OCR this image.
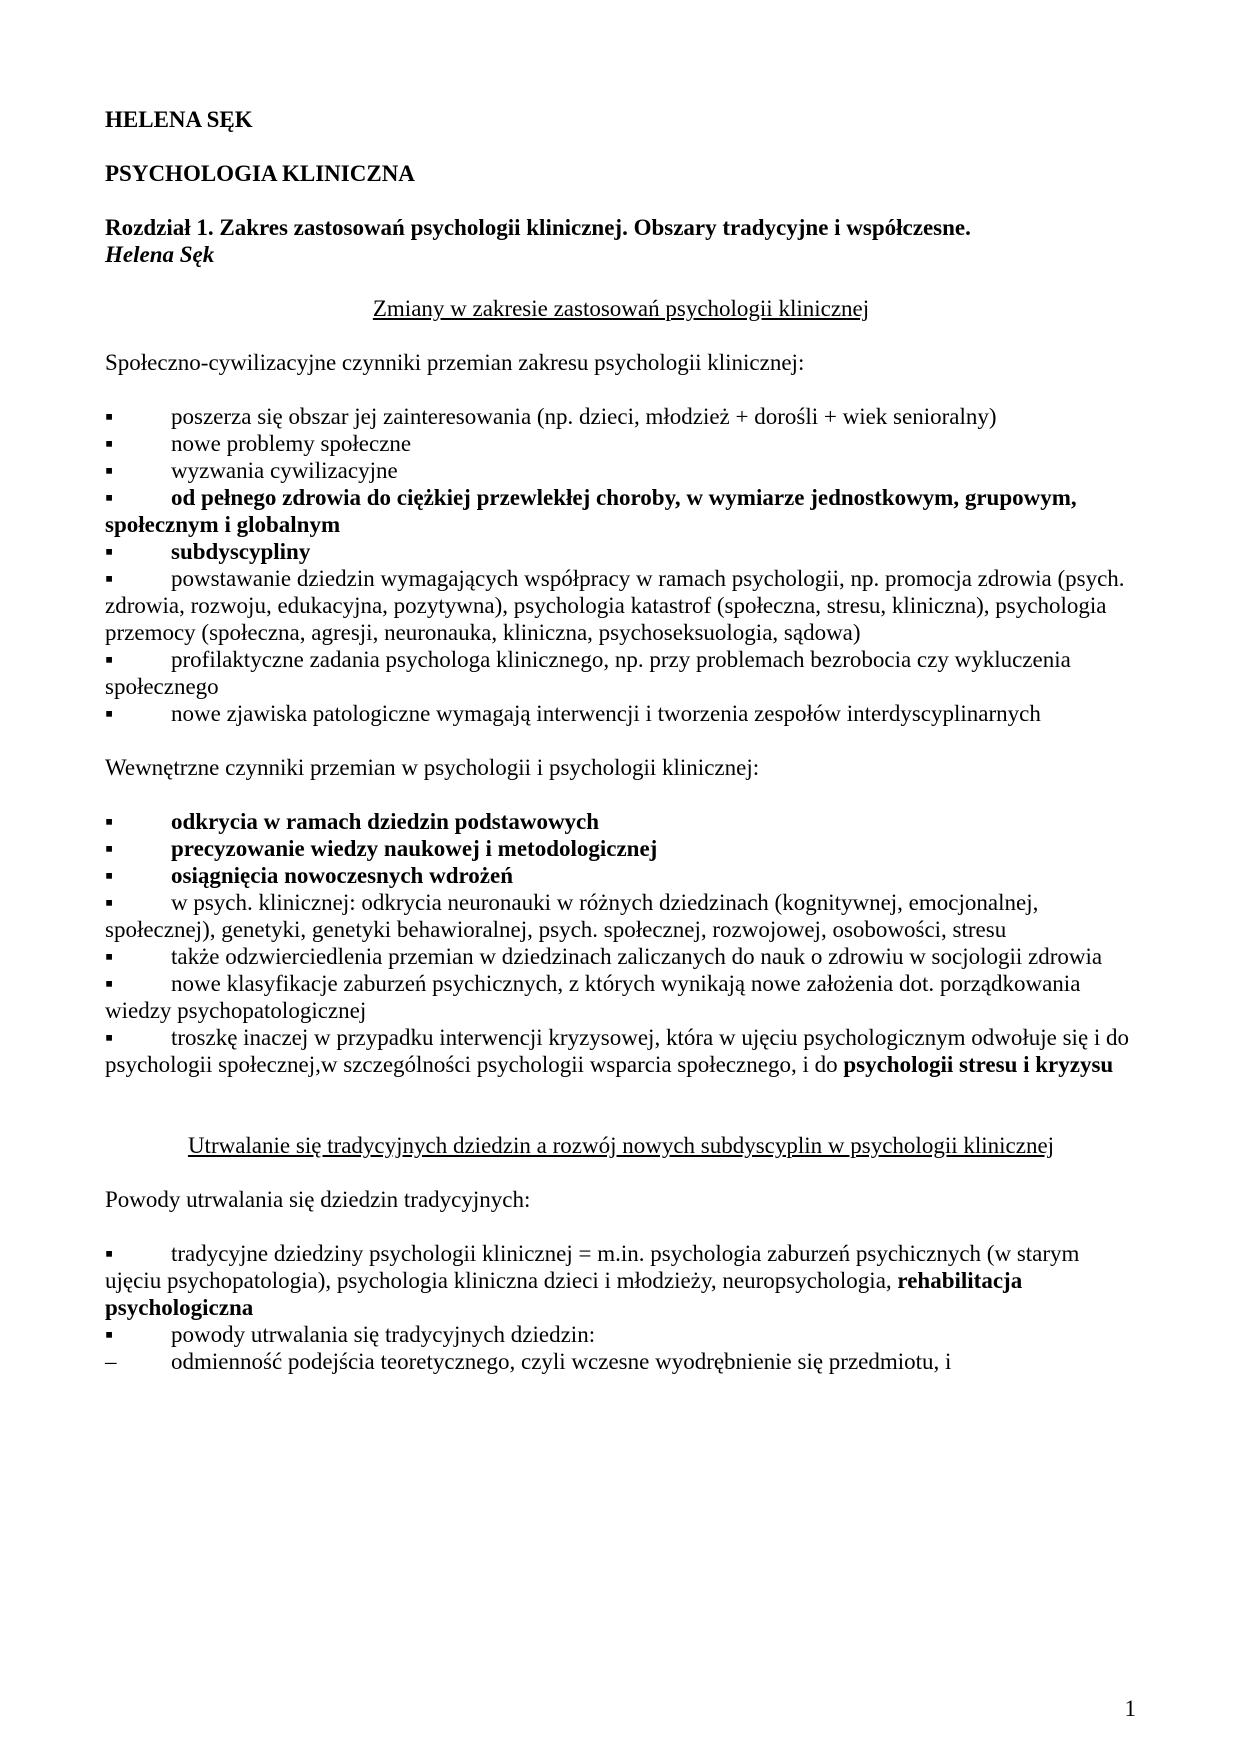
HELENA SĘK

PSYCHOLOGIA KLINICZNA

Rozdział 1. Zakres zastosowań psychologii klinicznej. Obszary tradycyjne i współczesne.

Helena Sęk

Zmiany w zakresie zastosowań psychologii klinicznej

Społeczno-cywilizacyjne czynniki przemian zakresu psychologii klinicznej:

▪	poszerza się obszar jej zainteresowania (np. dzieci, młodzież + dorośli + wiek senioralny)
▪	nowe problemy społeczne
▪	wyzwania cywilizacyjne
▪	od pełnego zdrowia do ciężkiej przewlekłej choroby, w wymiarze jednostkowym, grupowym, społecznym i globalnym
▪	subdyscypliny
▪	powstawanie dziedzin wymagających współpracy w ramach psychologii, np. promocja zdrowia (psych. zdrowia, rozwoju, edukacyjna, pozytywna), psychologia katastrof (społeczna, stresu, kliniczna), psychologia przemocy (społeczna, agresji, neuronauka, kliniczna, psychoseksuologia, sądowa)
▪	profilaktyczne zadania psychologa klinicznego, np. przy problemach bezrobocia czy wykluczenia społecznego
▪	nowe zjawiska patologiczne wymagają interwencji i tworzenia zespołów interdyscyplinarnych

Wewnętrzne czynniki przemian w psychologii i psychologii klinicznej:

▪	odkrycia w ramach dziedzin podstawowych
▪	precyzowanie wiedzy naukowej i metodologicznej
▪	osiągnięcia nowoczesnych wdrożeń
▪	w psych. klinicznej: odkrycia neuronauki w różnych dziedzinach (kognitywnej, emocjonalnej, społecznej), genetyki, genetyki behawioralnej, psych. społecznej, rozwojowej, osobowości, stresu
▪	także odzwierciedlenia przemian w dziedzinach zaliczanych do nauk o zdrowiu w socjologii zdrowia
▪	nowe klasyfikacje zaburzeń psychicznych, z których wynikają nowe założenia dot. porządkowania wiedzy psychopatologicznej
▪	troszkę inaczej w przypadku interwencji kryzysowej, która w ujęciu psychologicznym odwołuje się i do psychologii społecznej,w szczególności psychologii wsparcia społecznego, i do psychologii stresu i kryzysu

Utrwalanie się tradycyjnych dziedzin a rozwój nowych subdyscyplin w psychologii klinicznej

Powody utrwalania się dziedzin tradycyjnych:

▪	tradycyjne dziedziny psychologii klinicznej = m.in. psychologia zaburzeń psychicznych (w starym ujęciu psychopatologia), psychologia kliniczna dzieci i młodzieży, neuropsychologia, rehabilitacja psychologiczna
▪	powody utrwalania się tradycyjnych dziedzin:
– odmienność podejścia teoretycznego, czyli wczesne wyodrębnienie się przedmiotu, i
1
